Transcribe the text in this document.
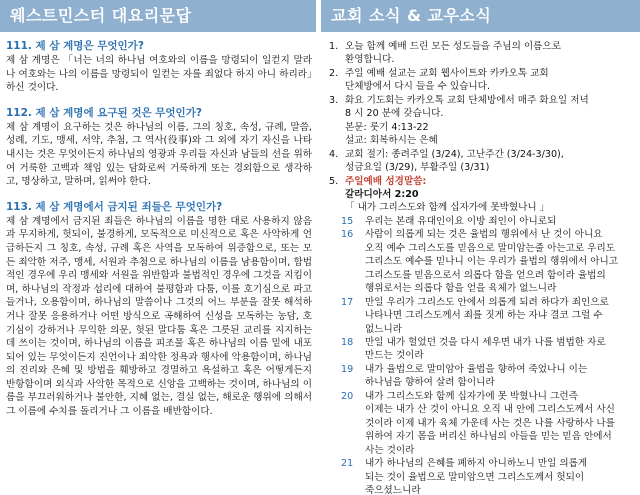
웨스트민스터 대요리문답
111. 제 삼 계명은 무엇인가?
제 삼 계명은 「너는 너의 하나님 여호와의 이름을 망령되이 일컫지 말라 나 여호와는 나의 이름을 망령되이 일컫는 자를 죄없다 하지 아니 하리라」하신 것이다.
112. 제 삼 계명에 요구된 것은 무엇인가?
제 삼 계명이 요구하는 것은 하나님의 이름, 그의 칭호, 속성, 규례, 말씀, 성례, 기도, 맹세, 서약, 추첨, 그 역사(役事)와 그 외에 자기 자신을 나타내시는 것은 무엇이든지 하나님의 영광과 우리들 자신과 남들의 선을 위하여 거룩한 고백과 책임 있는 담화로써 거룩하게 또는 경외함으로 생각하고, 명상하고, 말하며, 읽써야 한다.
113. 제 삼 계명에서 금지된 죄들은 무엇인가?
제 삼 계명에서 금지된 죄들은 하나님의 이름을 명한 대로 사용하지 않음과 무지하게, 헛되이, 불경하게, 모독적으로 미신적으로 혹은 사악하게 언급하든지 그 칭호, 속성, 규례 혹은 사역을 모독하여 위증함으로, 또는 모든 죄악한 저주, 맹세, 서원과 추첨으로 하나님의 이름을 남용함이며, 합법적인 경우에 우리 맹세와 서원을 위반함과 불법적인 경우에 그것을 지킴이며, 하나님의 작정과 섭리에 대하여 불평함과 다툼, 이를 호기심으로 파고들거나, 오용함이며, 하나님의 말씀이나 그것의 어느 부분을 잘못 해석하거나 잘못 응용하거나 어떤 방식으로 곡해하여 신성을 모독하는 농담, 호기심이 강하거나 무익한 의문, 헛된 말다툼 혹은 그릇된 교리를 지지하는 데 쓰이는 것이며, 하나님의 이름을 피조물 혹은 하나님의 이름 밑에 내포되어 있는 무엇이든지 진언이나 죄악한 정욕과 행사에 악용함이며, 하나님의 진리와 은혜 및 방법을 훼방하고 경멸하고 욕설하고 혹은 어떻게든지 반항함이며 외식과 사악한 목적으로 신앙을 고백하는 것이며, 하나님의 이름을 부끄러워하거나 불안한, 지혜 없는, 결실 없는, 해로운 행위에 의해서 그 이름에 수치를 돌리거나 그 이름을 배반함이다.
교회 소식 & 교우소식
1. 오늘 함께 예배 드린 모든 성도들을 주님의 이름으로
환영합니다.
2. 주일 예배 설교는 교회 웹사이트와 카카오톡 교회
단체방에서 다시 들을 수 있습니다.
3. 화요 기도회는 카카오톡 교회 단체방에서 매주 화요일 저녁
8 시 20 분에 갖습니다.
본문: 룻기 4:13-22
설교: 회복하시는 은혜
4. 교회 절기: 종려주일 (3/24), 고난주간 (3/24-3/30),
성금요일 (3/29), 부활주일 (3/31)
5. 주일예배 성경말씀:
갈라디아서 2:20
「 내가 그리스도와 함께 십자가에 못박혔나니 」
15	우리는 본래 유대인이요 이방 죄인이 아니로되
16	사람이 의롭게 되는 것은 율법의 행위에서 난 것이 아니요
오직 예수 그리스도를 믿음으로 말미암는줄 아는고로 우리도
그리스도 예수를 믿나니 이는 우리가 율법의 행위에서 아니고
그리스도를 믿음으로서 의롭다 함을 얻으려 함이라 율법의
행위로서는 의롭다 함을 얻을 육체가 없느니라
17	만일 우리가 그리스도 안에서 의롭게 되려 하다가 죄인으로
나타나면 그리스도께서 죄를 짓게 하는 자냐 결코 그럴 수
없느니라
18	만일 내가 헐었던 것을 다시 세우면 내가 나를 범법한 자로
만드는 것이라
19	내가 율법으로 말미암아 율법을 향하여 죽었나니 이는
하나님을 향하여 살려 함이니라
20	내가 그리스도와 함께 십자가에 못 박혔나니 그런즉
이제는 내가 산 것이 아니요 오직 내 안에 그리스도께서 사신
것이라 이제 내가 육체 가운데 사는 것은 나를 사랑하사 나를
위하여 자기 몸을 버리신 하나님의 아들을 믿는 믿음 안에서
사는 것이라
21	내가 하나님의 은혜를 폐하지 아니하노니 만일 의롭게
되는 것이 율법으로 말미암으면 그리스도께서 헛되이
죽으셨느니라
